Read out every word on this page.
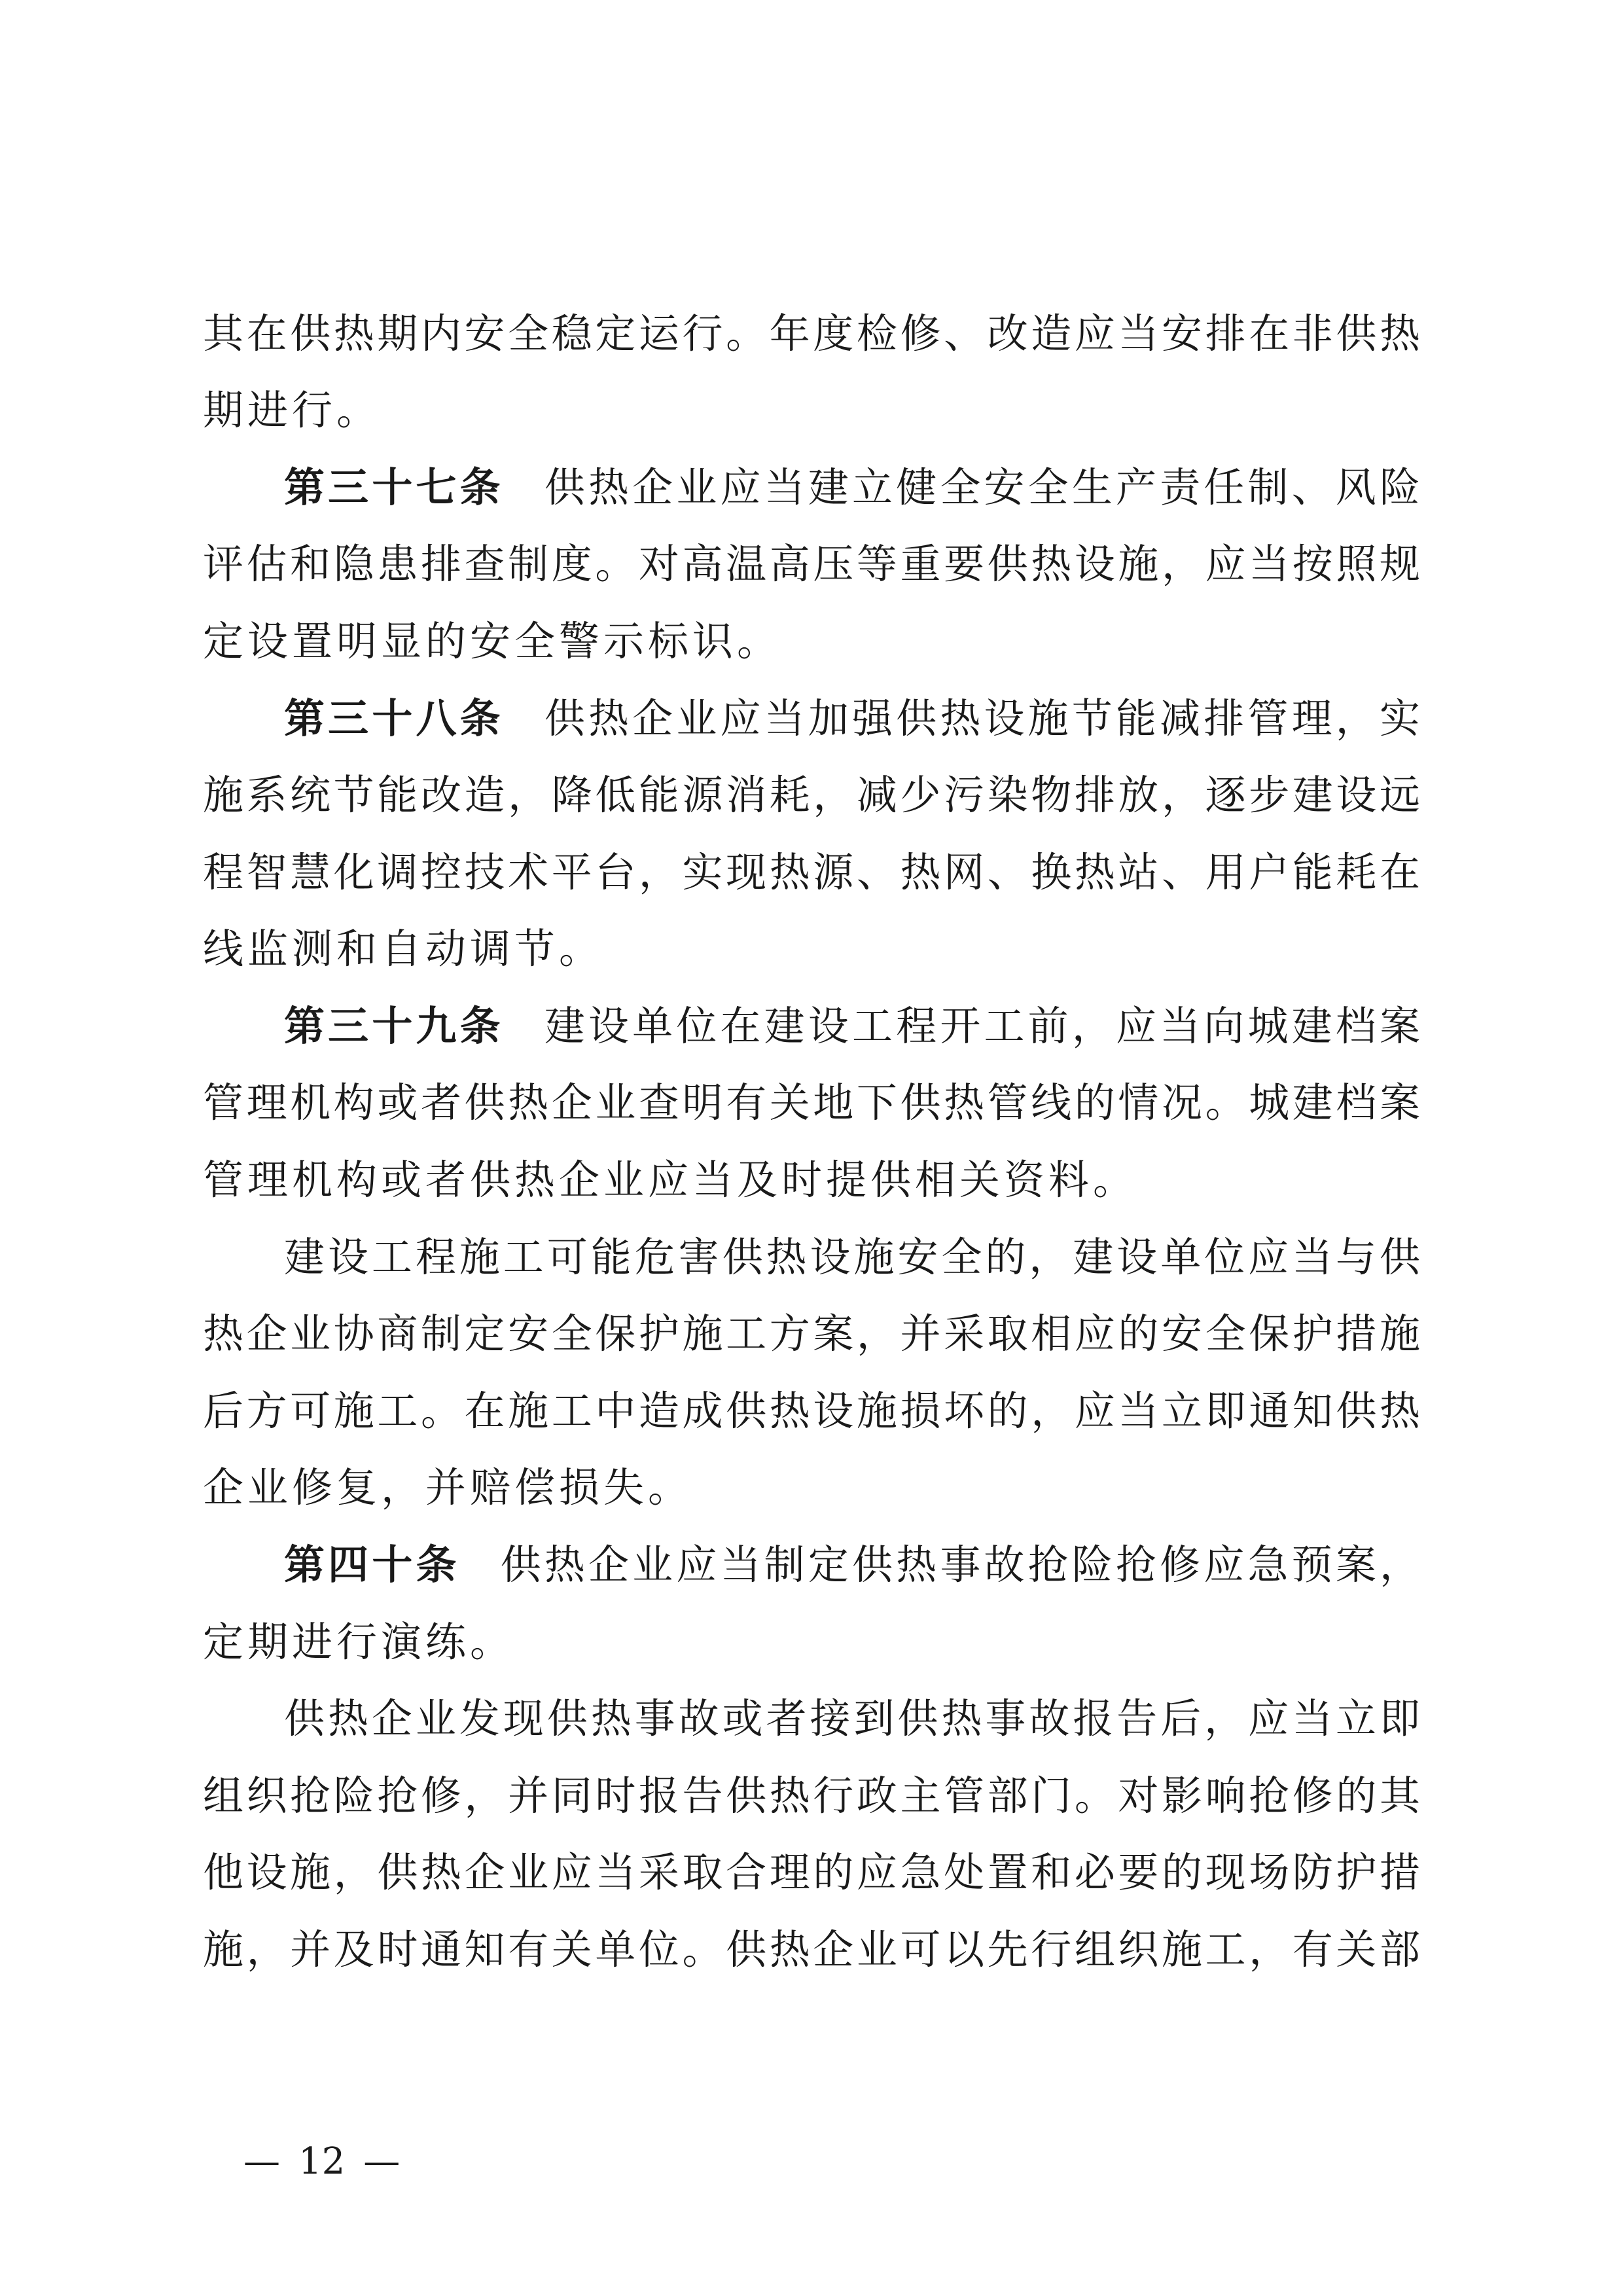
其在供热期内安全稳定运行。年度检修、改造应当安排在非供热
期进行。
第三十七条 供热企业应当建立健全安全生产责任制、风险
评估和隐患排查制度。对高温高压等重要供热设施，应当按照规
定设置明显的安全警示标识。
第三十八条 供热企业应当加强供热设施节能减排管理，实
施系统节能改造，降低能源消耗，减少污染物排放，逐步建设远
程智慧化调控技术平台，实现热源、热网、换热站、用户能耗在
线监测和自动调节。
第三十九条 建设单位在建设工程开工前，应当向城建档案
管理机构或者供热企业查明有关地下供热管线的情况。城建档案
管理机构或者供热企业应当及时提供相关资料。
建设工程施工可能危害供热设施安全的，建设单位应当与供
热企业协商制定安全保护施工方案，并采取相应的安全保护措施
后方可施工。在施工中造成供热设施损坏的，应当立即通知供热
企业修复，并赔偿损失。
第四十条 供热企业应当制定供热事故抢险抢修应急预案，
定期进行演练。
供热企业发现供热事故或者接到供热事故报告后，应当立即
组织抢险抢修，并同时报告供热行政主管部门。对影响抢修的其
他设施，供热企业应当采取合理的应急处置和必要的现场防护措
施，并及时通知有关单位。供热企业可以先行组织施工，有关部
— 12 —
